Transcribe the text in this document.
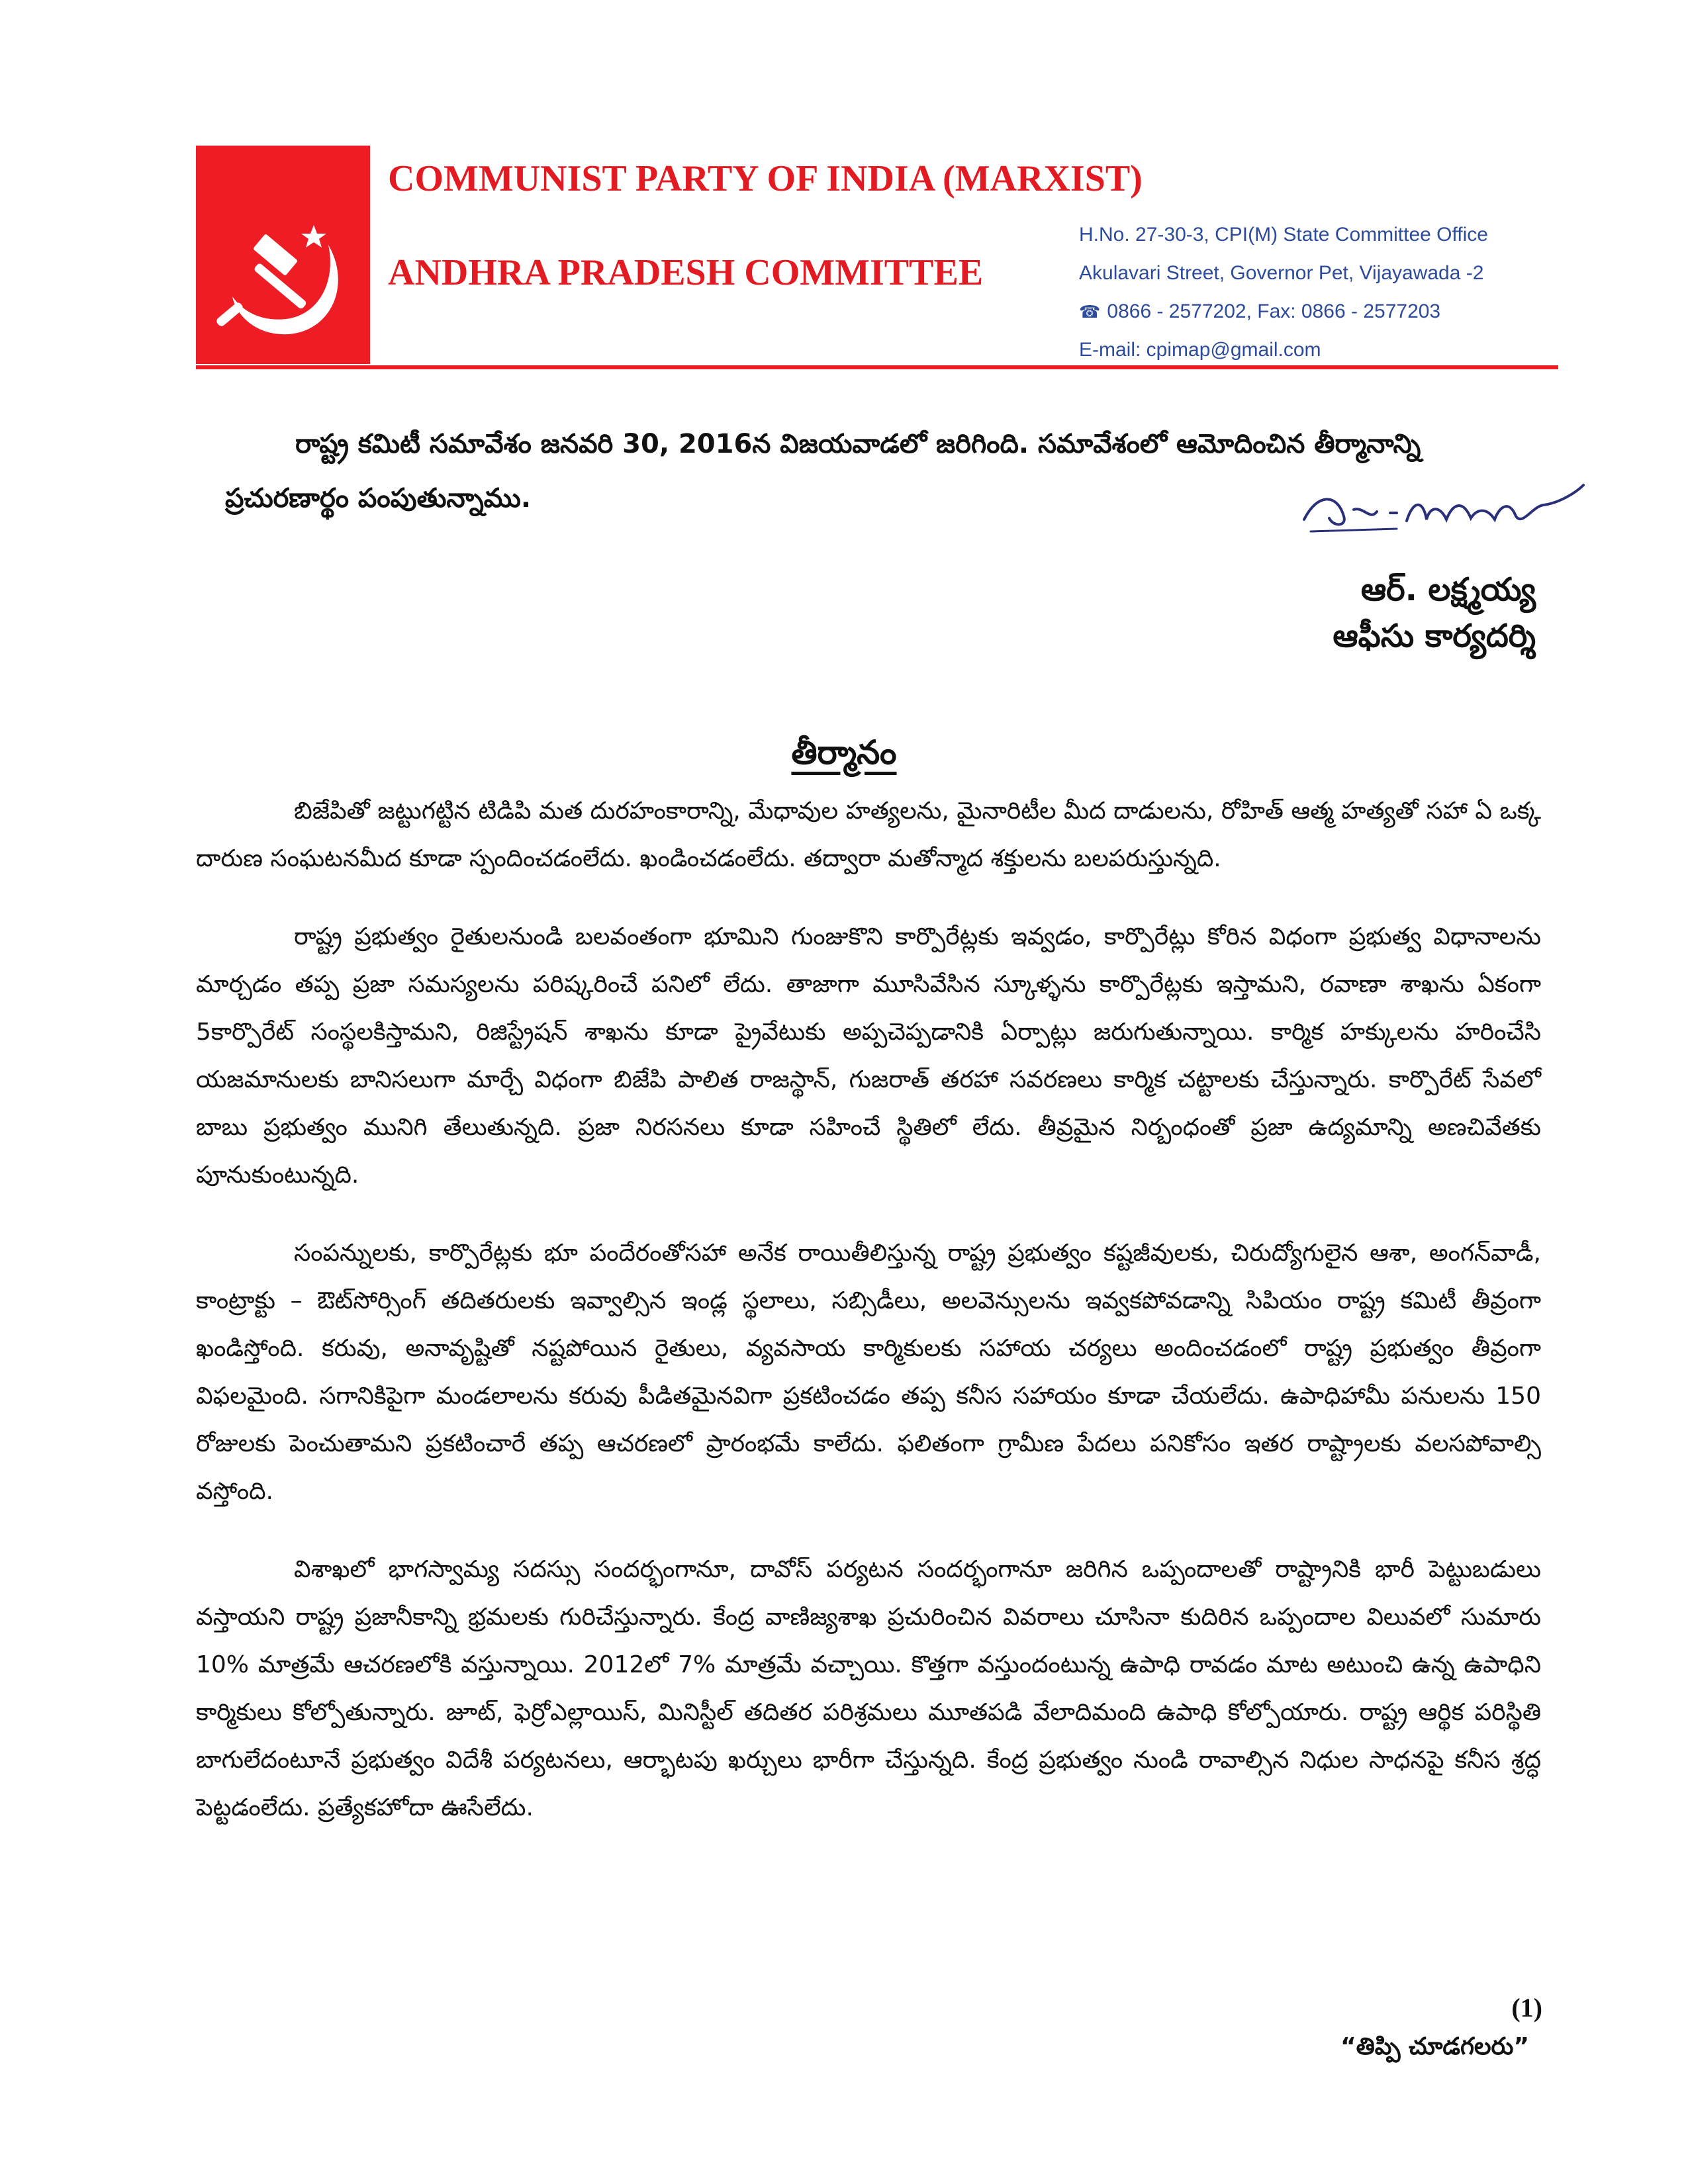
COMMUNIST PARTY OF INDIA (MARXIST)
ANDHRA PRADESH COMMITTEE
H.No. 27-30-3, CPI(M) State Committee Office
Akulavari Street, Governor Pet, Vijayawada -2
☎ 0866 - 2577202, Fax: 0866 - 2577203
E-mail: cpimap@gmail.com

రాష్ట్ర కమిటీ సమావేశం జనవరి 30, 2016న విజయవాడలో జరిగింది. సమావేశంలో ఆమోదించిన తీర్మానాన్ని ప్రచురణార్థం పంపుతున్నాము.

ఆర్. లక్ష్మయ్య
ఆఫీసు కార్యదర్శి
తీర్మానం

బిజేపితో జట్టుగట్టిన టిడిపి మత దురహంకారాన్ని, మేధావుల హత్యలను, మైనారిటీల మీద దాడులను, రోహిత్ ఆత్మ హత్యతో సహా ఏ ఒక్క దారుణ సంఘటనమీద కూడా స్పందించడంలేదు. ఖండించడంలేదు. తద్వారా మతోన్మాద శక్తులను బలపరుస్తున్నది.

రాష్ట్ర ప్రభుత్వం రైతులనుండి బలవంతంగా భూమిని గుంజుకొని కార్పొరేట్లకు ఇవ్వడం, కార్పొరేట్లు కోరిన విధంగా ప్రభుత్వ విధానాలను మార్చడం తప్ప ప్రజా సమస్యలను పరిష్కరించే పనిలో లేదు. తాజాగా మూసివేసిన స్కూళ్ళను కార్పొరేట్లకు ఇస్తామని, రవాణా శాఖను ఏకంగా 5కార్పొరేట్ సంస్థలకిస్తామని, రిజిస్ట్రేషన్ శాఖను కూడా ప్రైవేటుకు అప్పచెప్పడానికి ఏర్పాట్లు జరుగుతున్నాయి. కార్మిక హక్కులను హరించేసి యజమానులకు బానిసలుగా మార్చే విధంగా బిజేపి పాలిత రాజస్థాన్, గుజరాత్ తరహా సవరణలు కార్మిక చట్టాలకు చేస్తున్నారు. కార్పొరేట్ సేవలో బాబు ప్రభుత్వం మునిగి తేలుతున్నది. ప్రజా నిరసనలు కూడా సహించే స్థితిలో లేదు. తీవ్రమైన నిర్బంధంతో ప్రజా ఉద్యమాన్ని అణచివేతకు పూనుకుంటున్నది.

సంపన్నులకు, కార్పొరేట్లకు భూ పందేరంతోసహా అనేక రాయితీలిస్తున్న రాష్ట్ర ప్రభుత్వం కష్టజీవులకు, చిరుద్యోగులైన ఆశా, అంగన్‌వాడీ, కాంట్రాక్టు – ఔట్‌సోర్సింగ్ తదితరులకు ఇవ్వాల్సిన ఇండ్ల స్థలాలు, సబ్సిడీలు, అలవెన్సులను ఇవ్వకపోవడాన్ని సిపియం రాష్ట్ర కమిటీ తీవ్రంగా ఖండిస్తోంది. కరువు, అనావృష్టితో నష్టపోయిన రైతులు, వ్యవసాయ కార్మికులకు సహాయ చర్యలు అందించడంలో రాష్ట్ర ప్రభుత్వం తీవ్రంగా విఫలమైంది. సగానికిపైగా మండలాలను కరువు పీడితమైనవిగా ప్రకటించడం తప్ప కనీస సహాయం కూడా చేయలేదు. ఉపాధిహామీ పనులను 150 రోజులకు పెంచుతామని ప్రకటించారే తప్ప ఆచరణలో ప్రారంభమే కాలేదు. ఫలితంగా గ్రామీణ పేదలు పనికోసం ఇతర రాష్ట్రాలకు వలసపోవాల్సి వస్తోంది.

విశాఖలో భాగస్వామ్య సదస్సు సందర్భంగానూ, దావోస్ పర్యటన సందర్భంగానూ జరిగిన ఒప్పందాలతో రాష్ట్రానికి భారీ పెట్టుబడులు వస్తాయని రాష్ట్ర ప్రజానీకాన్ని భ్రమలకు గురిచేస్తున్నారు. కేంద్ర వాణిజ్యశాఖ ప్రచురించిన వివరాలు చూసినా కుదిరిన ఒప్పందాల విలువలో సుమారు 10% మాత్రమే ఆచరణలోకి వస్తున్నాయి. 2012లో 7% మాత్రమే వచ్చాయి. కొత్తగా వస్తుందంటున్న ఉపాధి రావడం మాట అటుంచి ఉన్న ఉపాధిని కార్మికులు కోల్పోతున్నారు. జూట్, ఫెర్రోఎల్లాయిస్, మినిస్టీల్ తదితర పరిశ్రమలు మూతపడి వేలాదిమంది ఉపాధి కోల్పోయారు. రాష్ట్ర ఆర్థిక పరిస్థితి బాగులేదంటూనే ప్రభుత్వం విదేశీ పర్యటనలు, ఆర్భాటపు ఖర్చులు భారీగా చేస్తున్నది. కేంద్ర ప్రభుత్వం నుండి రావాల్సిన నిధుల సాధనపై కనీస శ్రద్ధ పెట్టడంలేదు. ప్రత్యేకహోదా ఊసేలేదు.

(1)
“తిప్పి చూడగలరు”
